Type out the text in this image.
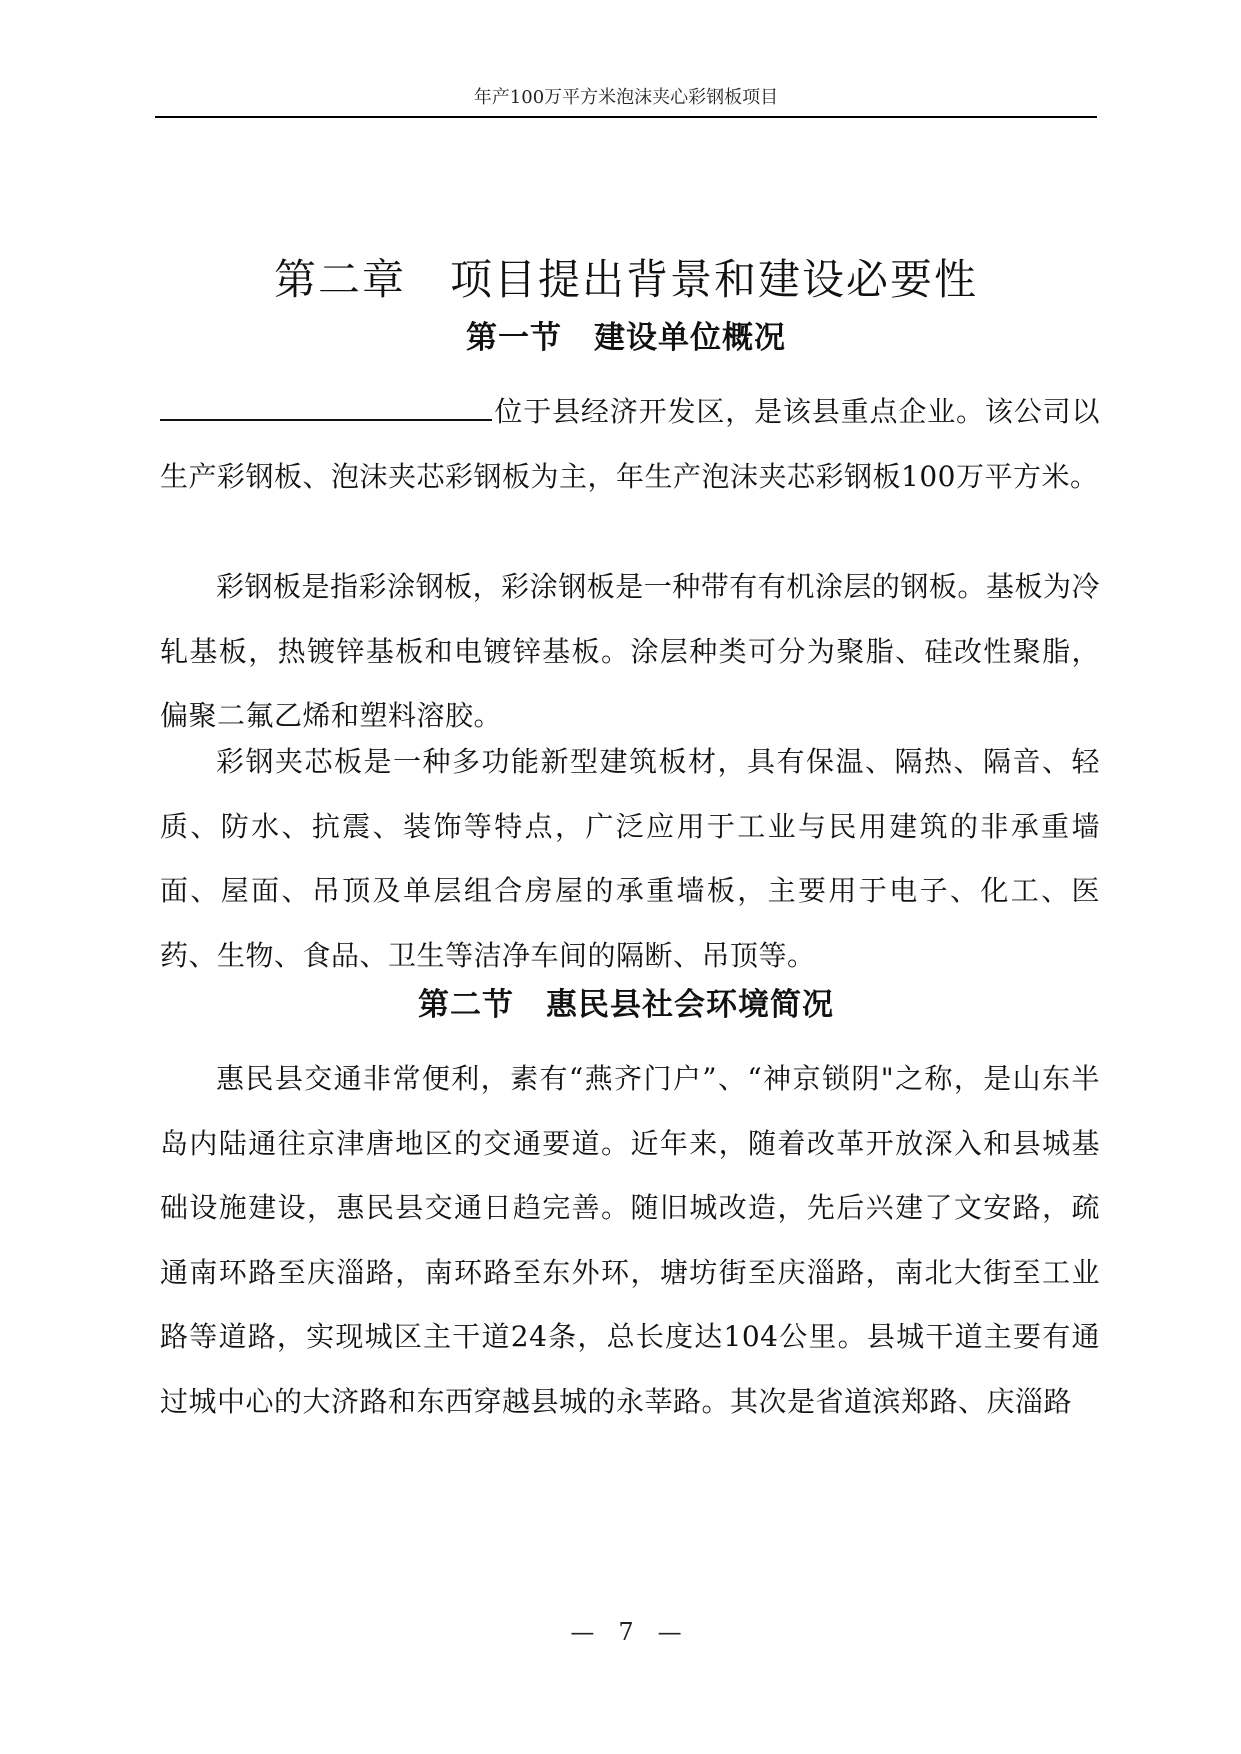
年产100万平方米泡沫夹心彩钢板项目
第二章　项目提出背景和建设必要性
第一节　建设单位概况

位于县经济开发区，是该县重点企业。该公司以生产彩钢板、泡沫夹芯彩钢板为主，年生产泡沫夹芯彩钢板100万平方米。

彩钢板是指彩涂钢板，彩涂钢板是一种带有有机涂层的钢板。基板为冷轧基板，热镀锌基板和电镀锌基板。涂层种类可分为聚脂、硅改性聚脂，偏聚二氟乙烯和塑料溶胶。

彩钢夹芯板是一种多功能新型建筑板材，具有保温、隔热、隔音、轻质、防水、抗震、装饰等特点，广泛应用于工业与民用建筑的非承重墙面、屋面、吊顶及单层组合房屋的承重墙板，主要用于电子、化工、医药、生物、食品、卫生等洁净车间的隔断、吊顶等。

第二节　惠民县社会环境简况

惠民县交通非常便利，素有“燕齐门户”、“神京锁阴"之称，是山东半岛内陆通往京津唐地区的交通要道。近年来，随着改革开放深入和县城基础设施建设，惠民县交通日趋完善。随旧城改造，先后兴建了文安路，疏通南环路至庆淄路，南环路至东外环，塘坊街至庆淄路，南北大街至工业路等道路，实现城区主干道24条，总长度达104公里。县城干道主要有通过城中心的大济路和东西穿越县城的永莘路。其次是省道滨郑路、庆淄路

—　7　—
